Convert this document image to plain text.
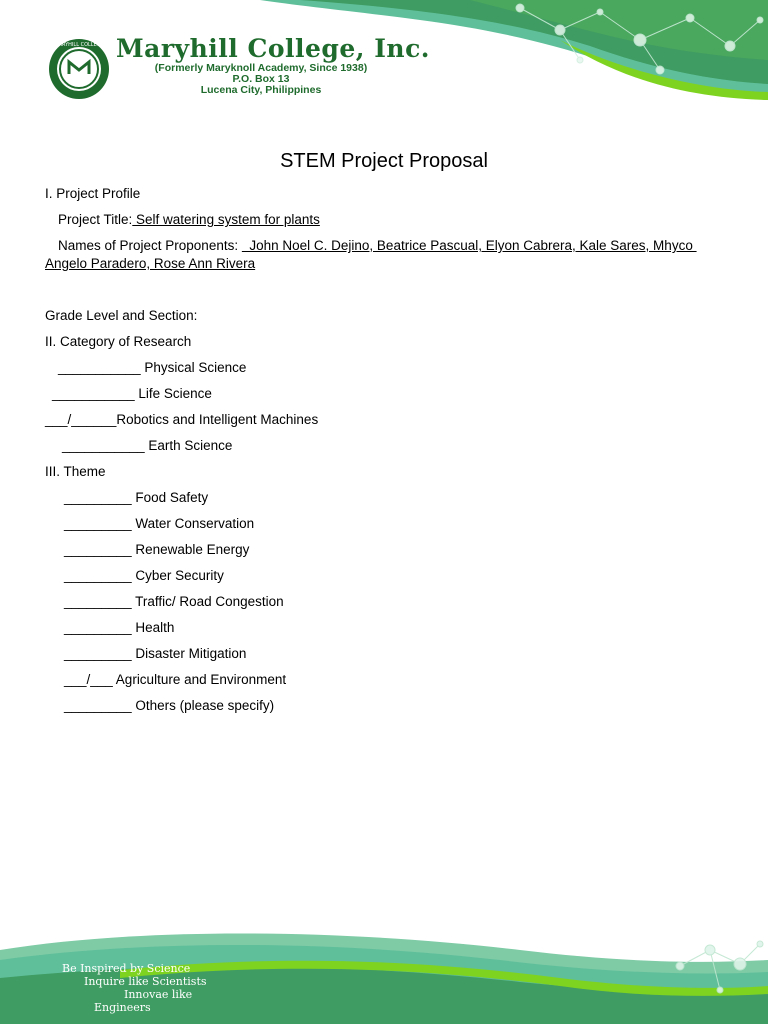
MARYHILL COLLEGE Maryhill College, Inc.
(Formerly Maryknoll Academy, Since 1938)
P.O. Box 13
Lucena City, Philippines
STEM Project Proposal
I. Project Profile
Project Title: Self watering system for plants
Names of Project Proponents:   John Noel C. Dejino, Beatrice Pascual, Elyon Cabrera, Kale Sares, Mhyco
Angelo Paradero, Rose Ann Rivera
Grade Level and Section:
II. Category of Research
___________ Physical Science
___________ Life Science
___/______Robotics and Intelligent Machines
___________ Earth Science
III. Theme
_________ Food Safety
_________ Water Conservation
_________ Renewable Energy
_________ Cyber Security
_________ Traffic/ Road Congestion
_________ Health
_________ Disaster Mitigation
___/___ Agriculture and Environment
_________ Others (please specify)
Be Inspired by Science
Inquire like Scientists
Innovae like
Engineers
